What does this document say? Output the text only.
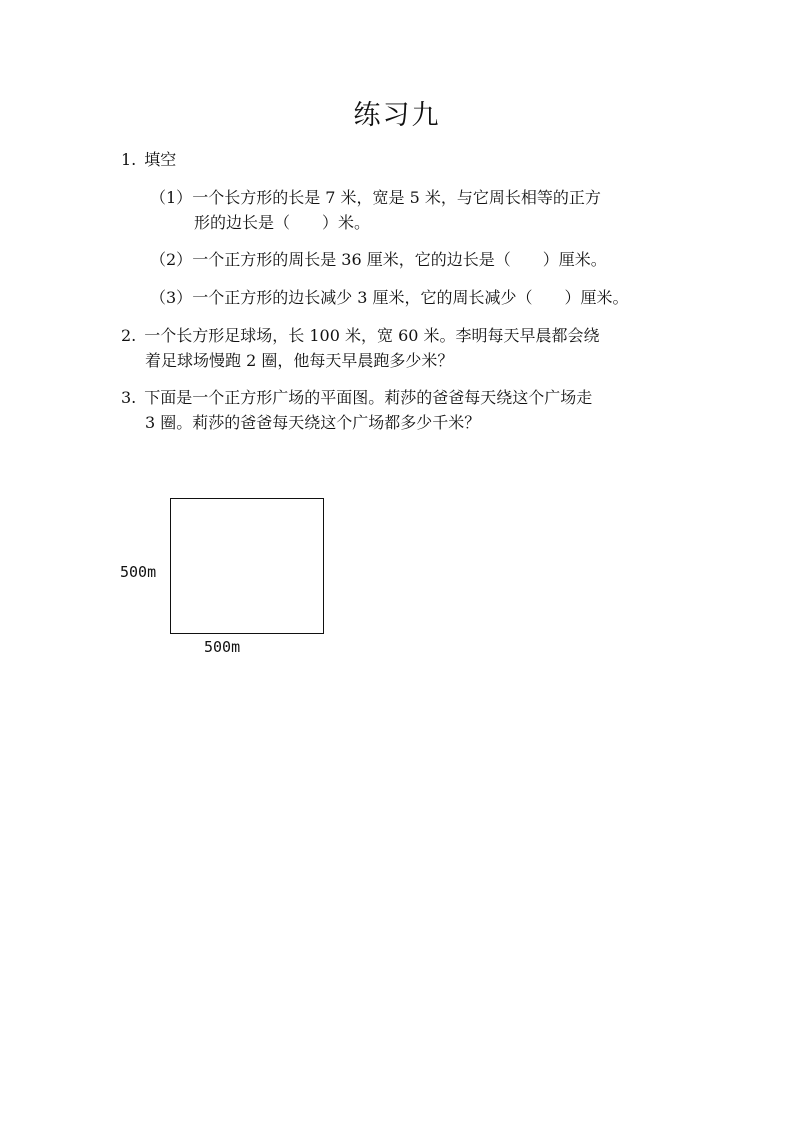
练习九
1. 填空
（1）一个长方形的长是 7 米，宽是 5 米，与它周长相等的正方
形的边长是（　　）米。
（2）一个正方形的周长是 36 厘米，它的边长是（　　）厘米。
（3）一个正方形的边长减少 3 厘米，它的周长减少（　　）厘米。
2. 一个长方形足球场，长 100 米，宽 60 米。李明每天早晨都会绕
着足球场慢跑 2 圈，他每天早晨跑多少米？
3. 下面是一个正方形广场的平面图。莉莎的爸爸每天绕这个广场走
3 圈。莉莎的爸爸每天绕这个广场都多少千米？
500m
500m
